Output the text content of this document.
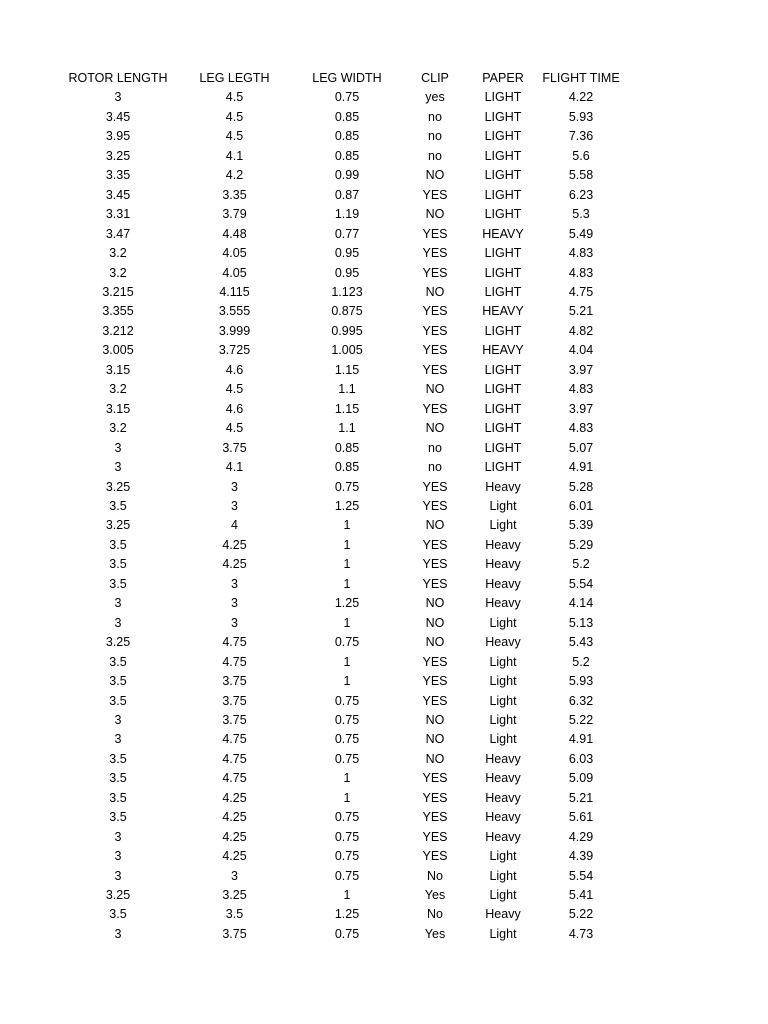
ROTOR LENGTH	LEG LEGTH	LEG WIDTH	CLIP	PAPER	FLIGHT TIME
3	4.5	0.75	yes	LIGHT	4.22
3.45	4.5	0.85	no	LIGHT	5.93
3.95	4.5	0.85	no	LIGHT	7.36
3.25	4.1	0.85	no	LIGHT	5.6
3.35	4.2	0.99	NO	LIGHT	5.58
3.45	3.35	0.87	YES	LIGHT	6.23
3.31	3.79	1.19	NO	LIGHT	5.3
3.47	4.48	0.77	YES	HEAVY	5.49
3.2	4.05	0.95	YES	LIGHT	4.83
3.2	4.05	0.95	YES	LIGHT	4.83
3.215	4.115	1.123	NO	LIGHT	4.75
3.355	3.555	0.875	YES	HEAVY	5.21
3.212	3.999	0.995	YES	LIGHT	4.82
3.005	3.725	1.005	YES	HEAVY	4.04
3.15	4.6	1.15	YES	LIGHT	3.97
3.2	4.5	1.1	NO	LIGHT	4.83
3.15	4.6	1.15	YES	LIGHT	3.97
3.2	4.5	1.1	NO	LIGHT	4.83
3	3.75	0.85	no	LIGHT	5.07
3	4.1	0.85	no	LIGHT	4.91
3.25	3	0.75	YES	Heavy	5.28
3.5	3	1.25	YES	Light	6.01
3.25	4	1	NO	Light	5.39
3.5	4.25	1	YES	Heavy	5.29
3.5	4.25	1	YES	Heavy	5.2
3.5	3	1	YES	Heavy	5.54
3	3	1.25	NO	Heavy	4.14
3	3	1	NO	Light	5.13
3.25	4.75	0.75	NO	Heavy	5.43
3.5	4.75	1	YES	Light	5.2
3.5	3.75	1	YES	Light	5.93
3.5	3.75	0.75	YES	Light	6.32
3	3.75	0.75	NO	Light	5.22
3	4.75	0.75	NO	Light	4.91
3.5	4.75	0.75	NO	Heavy	6.03
3.5	4.75	1	YES	Heavy	5.09
3.5	4.25	1	YES	Heavy	5.21
3.5	4.25	0.75	YES	Heavy	5.61
3	4.25	0.75	YES	Heavy	4.29
3	4.25	0.75	YES	Light	4.39
3	3	0.75	No	Light	5.54
3.25	3.25	1	Yes	Light	5.41
3.5	3.5	1.25	No	Heavy	5.22
3	3.75	0.75	Yes	Light	4.73
